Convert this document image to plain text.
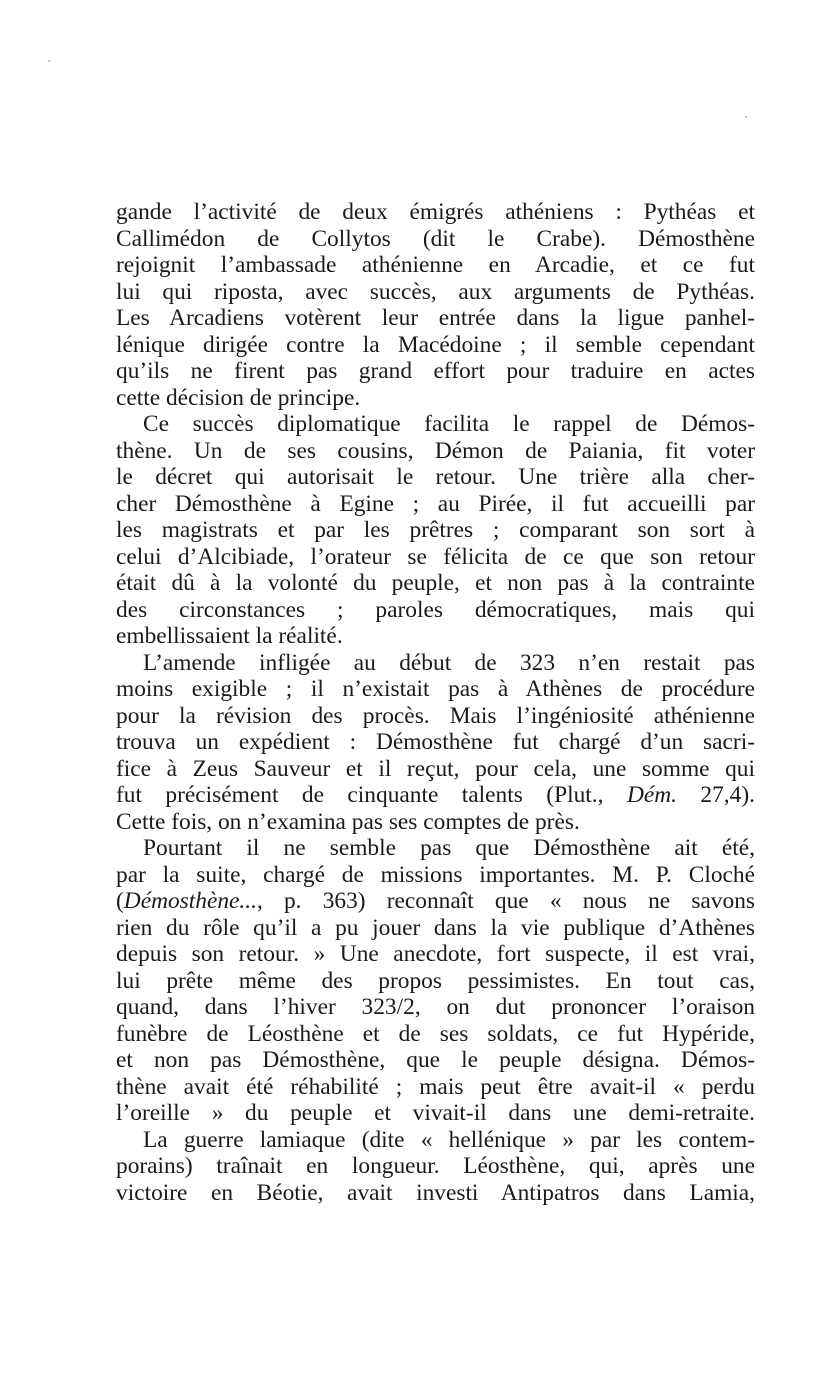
gande l’activité de deux émigrés athéniens : Pythéas et
Callimédon de Collytos (dit le Crabe). Démosthène
rejoignit l’ambassade athénienne en Arcadie, et ce fut
lui qui riposta, avec succès, aux arguments de Pythéas.
Les Arcadiens votèrent leur entrée dans la ligue panhel-
lénique dirigée contre la Macédoine ; il semble cependant
qu’ils ne firent pas grand effort pour traduire en actes
cette décision de principe.
Ce succès diplomatique facilita le rappel de Démos-
thène. Un de ses cousins, Démon de Paiania, fit voter
le décret qui autorisait le retour. Une trière alla cher-
cher Démosthène à Egine ; au Pirée, il fut accueilli par
les magistrats et par les prêtres ; comparant son sort à
celui d’Alcibiade, l’orateur se félicita de ce que son retour
était dû à la volonté du peuple, et non pas à la contrainte
des circonstances ; paroles démocratiques, mais qui
embellissaient la réalité.
L’amende infligée au début de 323 n’en restait pas
moins exigible ; il n’existait pas à Athènes de procédure
pour la révision des procès. Mais l’ingéniosité athénienne
trouva un expédient : Démosthène fut chargé d’un sacri-
fice à Zeus Sauveur et il reçut, pour cela, une somme qui
fut précisément de cinquante talents (Plut., Dém. 27,4).
Cette fois, on n’examina pas ses comptes de près.
Pourtant il ne semble pas que Démosthène ait été,
par la suite, chargé de missions importantes. M. P. Cloché
(Démosthène..., p. 363) reconnaît que « nous ne savons
rien du rôle qu’il a pu jouer dans la vie publique d’Athènes
depuis son retour. » Une anecdote, fort suspecte, il est vrai,
lui prête même des propos pessimistes. En tout cas,
quand, dans l’hiver 323/2, on dut prononcer l’oraison
funèbre de Léosthène et de ses soldats, ce fut Hypéride,
et non pas Démosthène, que le peuple désigna. Démos-
thène avait été réhabilité ; mais peut être avait-il « perdu
l’oreille » du peuple et vivait-il dans une demi-retraite.
La guerre lamiaque (dite « hellénique » par les contem-
porains) traînait en longueur. Léosthène, qui, après une
victoire en Béotie, avait investi Antipatros dans Lamia,
